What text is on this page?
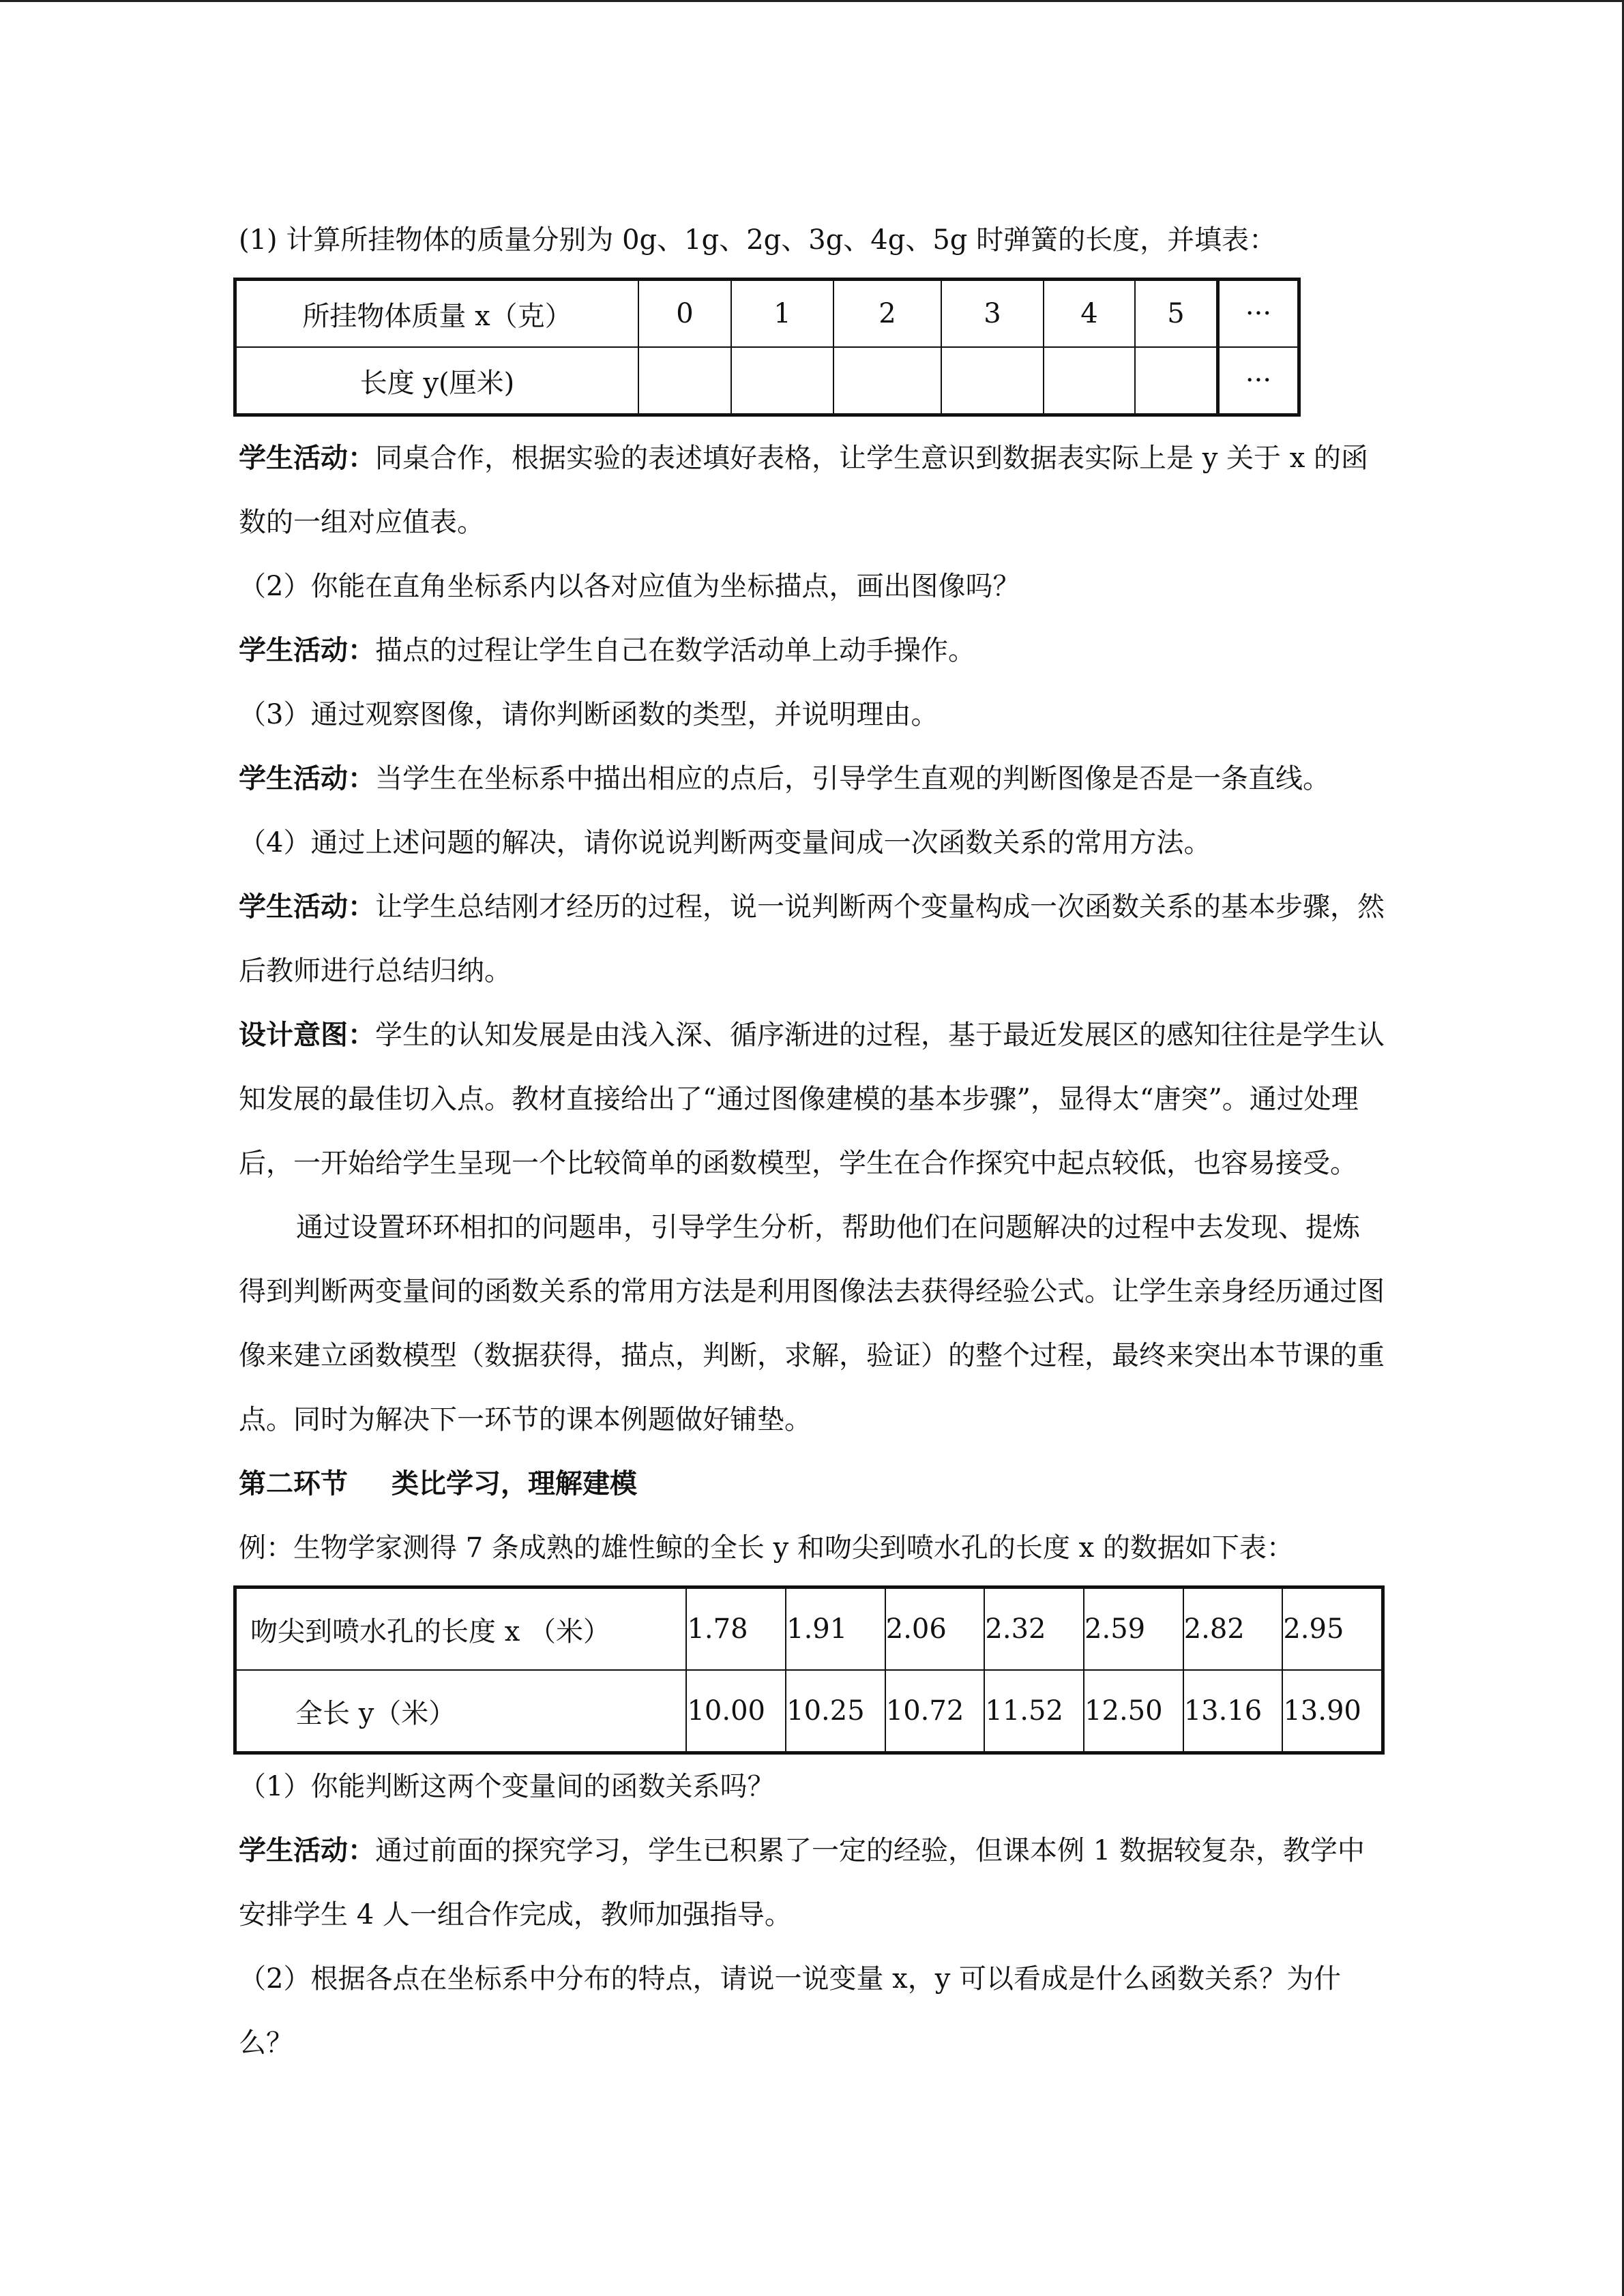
(1) 计算所挂物体的质量分别为 0g、1g、2g、3g、4g、5g 时弹簧的长度，并填表：

所挂物体质量 x（克）	0	1	2	3	4	5	···
长度 y(厘米)							···

学生活动：同桌合作，根据实验的表述填好表格，让学生意识到数据表实际上是 y 关于 x 的函数的一组对应值表。

（2）你能在直角坐标系内以各对应值为坐标描点，画出图像吗？

学生活动：描点的过程让学生自己在数学活动单上动手操作。

（3）通过观察图像，请你判断函数的类型，并说明理由。

学生活动：当学生在坐标系中描出相应的点后，引导学生直观的判断图像是否是一条直线。

（4）通过上述问题的解决，请你说说判断两变量间成一次函数关系的常用方法。

学生活动：让学生总结刚才经历的过程，说一说判断两个变量构成一次函数关系的基本步骤，然后教师进行总结归纳。

设计意图：学生的认知发展是由浅入深、循序渐进的过程，基于最近发展区的感知往往是学生认知发展的最佳切入点。教材直接给出了“通过图像建模的基本步骤”，显得太“唐突”。通过处理后，一开始给学生呈现一个比较简单的函数模型，学生在合作探究中起点较低，也容易接受。

通过设置环环相扣的问题串，引导学生分析，帮助他们在问题解决的过程中去发现、提炼得到判断两变量间的函数关系的常用方法是利用图像法去获得经验公式。让学生亲身经历通过图像来建立函数模型（数据获得，描点，判断，求解，验证）的整个过程，最终来突出本节课的重点。同时为解决下一环节的课本例题做好铺垫。

第二环节 类比学习，理解建模

例：生物学家测得 7 条成熟的雄性鲸的全长 y 和吻尖到喷水孔的长度 x 的数据如下表：

吻尖到喷水孔的长度 x （米）	1.78	1.91	2.06	2.32	2.59	2.82	2.95
全长 y（米）	10.00	10.25	10.72	11.52	12.50	13.16	13.90

（1）你能判断这两个变量间的函数关系吗？

学生活动：通过前面的探究学习，学生已积累了一定的经验，但课本例 1 数据较复杂，教学中安排学生 4 人一组合作完成，教师加强指导。

（2）根据各点在坐标系中分布的特点，请说一说变量 x，y 可以看成是什么函数关系？为什么？
